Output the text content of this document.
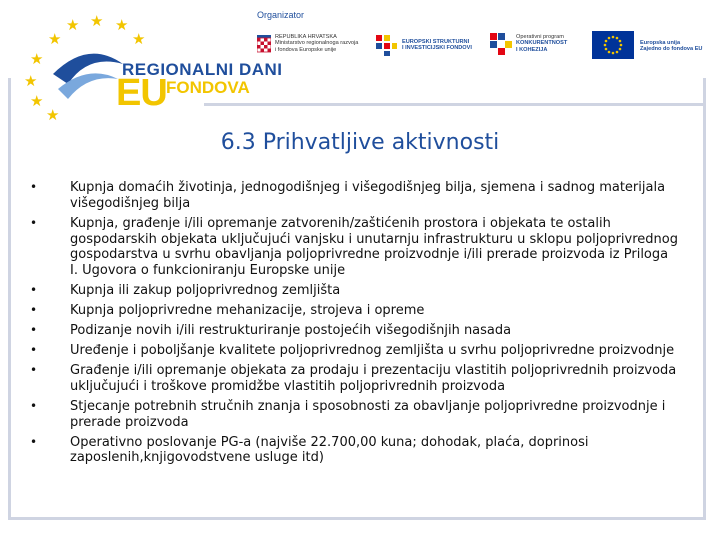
★
★ ★ ★
★
★
★
★
★
REGIONALNI DANI
EU FONDOVA
Organizator
REPUBLIKA HRVATSKA
Ministarstvo regionalnoga razvoja
i fondova Europske unije
EUROPSKI STRUKTURNI
I INVESTICIJSKI FONDOVI
Operativni program
KONKURENTNOST
I KOHEZIJA
Europska unija
Zajedno do fondova EU
6.3 Prihvatljive aktivnosti
• Kupnja domaćih životinja, jednogodišnjeg i višegodišnjeg bilja, sjemena i sadnog materijala višegodišnjeg bilja
• Kupnja, građenje i/ili opremanje zatvorenih/zaštićenih prostora i objekata te ostalih gospodarskih objekata uključujući vanjsku i unutarnju infrastrukturu u sklopu poljoprivrednog gospodarstva u svrhu obavljanja poljoprivredne proizvodnje i/ili prerade proizvoda iz Priloga I. Ugovora o funkcioniranju Europske unije
• Kupnja ili zakup poljoprivrednog zemljišta
• Kupnja poljoprivredne mehanizacije, strojeva i opreme
• Podizanje novih i/ili restrukturiranje postojećih višegodišnjih nasada
• Uređenje i poboljšanje kvalitete poljoprivrednog zemljišta u svrhu poljoprivredne proizvodnje
• Građenje i/ili opremanje objekata za prodaju i prezentaciju vlastitih poljoprivrednih proizvoda uključujući i troškove promidžbe vlastitih poljoprivrednih proizvoda
• Stjecanje potrebnih stručnih znanja i sposobnosti za obavljanje poljoprivredne proizvodnje i prerade proizvoda
• Operativno poslovanje PG-a (najviše 22.700,00 kuna; dohodak, plaća, doprinosi zaposlenih,knjigovodstvene usluge itd)
